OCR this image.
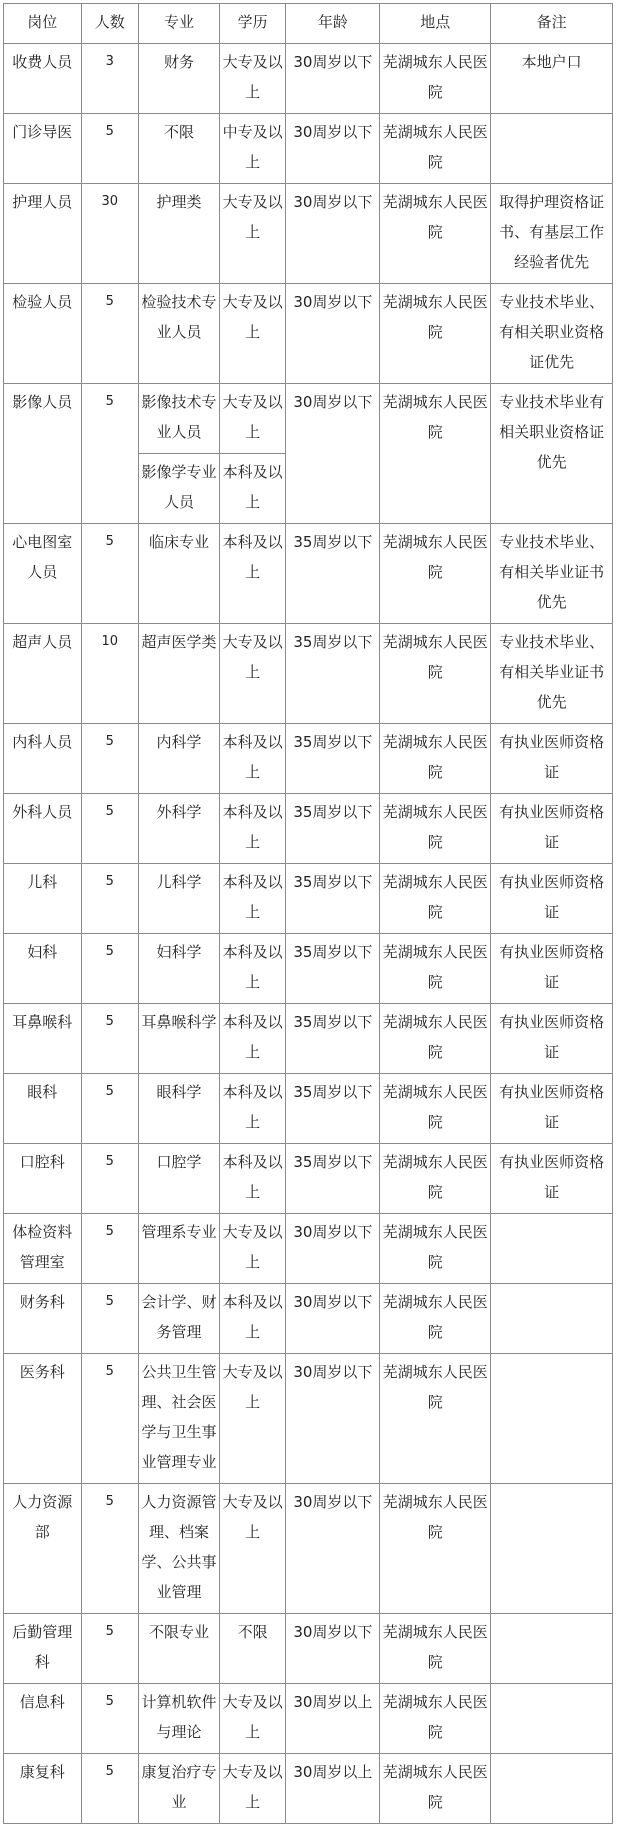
岗位	人数	专业	学历	年龄	地点	备注
收费人员	3	财务	大专及以上	30周岁以下	芜湖城东人民医院	本地户口
门诊导医	5	不限	中专及以上	30周岁以下	芜湖城东人民医院	
护理人员	30	护理类	大专及以上	30周岁以下	芜湖城东人民医院	取得护理资格证书、有基层工作经验者优先
检验人员	5	检验技术专业人员	大专及以上	30周岁以下	芜湖城东人民医院	专业技术毕业、有相关职业资格证优先
影像人员	5	影像技术专业人员	大专及以上	30周岁以下	芜湖城东人民医院	专业技术毕业有相关职业资格证优先
		影像学专业人员	本科及以上			
心电图室人员	5	临床专业	本科及以上	35周岁以下	芜湖城东人民医院	专业技术毕业、有相关毕业证书优先
超声人员	10	超声医学类	大专及以上	35周岁以下	芜湖城东人民医院	专业技术毕业、有相关毕业证书优先
内科人员	5	内科学	本科及以上	35周岁以下	芜湖城东人民医院	有执业医师资格证
外科人员	5	外科学	本科及以上	35周岁以下	芜湖城东人民医院	有执业医师资格证
儿科	5	儿科学	本科及以上	35周岁以下	芜湖城东人民医院	有执业医师资格证
妇科	5	妇科学	本科及以上	35周岁以下	芜湖城东人民医院	有执业医师资格证
耳鼻喉科	5	耳鼻喉科学	本科及以上	35周岁以下	芜湖城东人民医院	有执业医师资格证
眼科	5	眼科学	本科及以上	35周岁以下	芜湖城东人民医院	有执业医师资格证
口腔科	5	口腔学	本科及以上	35周岁以下	芜湖城东人民医院	有执业医师资格证
体检资料管理室	5	管理系专业	大专及以上	30周岁以下	芜湖城东人民医院	
财务科	5	会计学、财务管理	本科及以上	30周岁以下	芜湖城东人民医院	
医务科	5	公共卫生管理、社会医学与卫生事业管理专业	大专及以上	30周岁以下	芜湖城东人民医院	
人力资源部	5	人力资源管理、档案学、公共事业管理	大专及以上	30周岁以下	芜湖城东人民医院	
后勤管理科	5	不限专业	不限	30周岁以下	芜湖城东人民医院	
信息科	5	计算机软件与理论	大专及以上	30周岁以上	芜湖城东人民医院	
康复科	5	康复治疗专业	大专及以上	30周岁以上	芜湖城东人民医院	
